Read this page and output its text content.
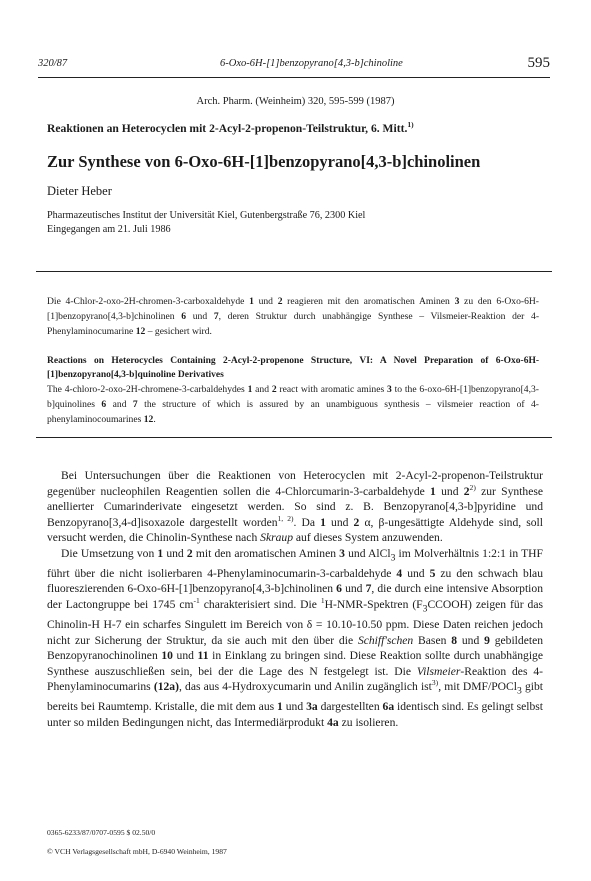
320/87	6-Oxo-6H-[1]benzopyrano[4,3-b]chinoline	595
Arch. Pharm. (Weinheim) 320, 595-599 (1987)
Reaktionen an Heterocyclen mit 2-Acyl-2-propenon-Teilstruktur, 6. Mitt.$^{1)}$
Zur Synthese von 6-Oxo-6H-[1]benzopyrano[4,3-b]chinolinen
Dieter Heber
Pharmazeutisches Institut der Universität Kiel, Gutenbergstraße 76, 2300 Kiel
Eingegangen am 21. Juli 1986
Die 4-Chlor-2-oxo-2H-chromen-3-carboxaldehyde 1 und 2 reagieren mit den aromatischen Aminen 3 zu den 6-Oxo-6H-[1]benzopyrano[4,3-b]chinolinen 6 und 7, deren Struktur durch unabhängige Synthese – Vilsmeier-Reaktion der 4-Phenylaminocumarine 12 – gesichert wird.
Reactions on Heterocycles Containing 2-Acyl-2-propenone Structure, VI: A Novel Preparation of 6-Oxo-6H-[1]benzopyrano[4,3-b]quinoline Derivatives
The 4-chloro-2-oxo-2H-chromene-3-carbaldehydes 1 and 2 react with aromatic amines 3 to the 6-oxo-6H-[1]benzopyrano[4,3-b]quinolines 6 and 7 the structure of which is assured by an unambiguous synthesis – vilsmeier reaction of 4-phenylaminocoumarines 12.

Bei Untersuchungen über die Reaktionen von Heterocyclen mit 2-Acyl-2-propenon-Teilstruktur gegenüber nucleophilen Reagentien sollen die 4-Chlorcumarin-3-carbaldehyde 1 und 2$^{2)}$ zur Synthese anellierter Cumarinderivate eingesetzt werden. So sind z. B. Benzopyrano[4,3-b]pyridine und Benzopyrano[3,4-d]isoxazole dargestellt worden$^{1, 2)}$. Da 1 und 2 α, β-ungesättigte Aldehyde sind, soll versucht werden, die Chinolin-Synthese nach Skraup auf dieses System anzuwenden.

Die Umsetzung von 1 und 2 mit den aromatischen Aminen 3 und AlCl$_3$ im Molverhältnis 1:2:1 in THF führt über die nicht isolierbaren 4-Phenylaminocumarin-3-carbaldehyde 4 und 5 zu den schwach blau fluoreszierenden 6-Oxo-6H-[1]benzopyrano[4,3-b]chinolinen 6 und 7, die durch eine intensive Absorption der Lactongruppe bei 1745 $cm^{-1}$ charakterisiert sind. Die $^1$H-NMR-Spektren $(F_3CCOOH)$ zeigen für das Chinolin-H H-7 ein scharfes Singulett im Bereich von δ = 10.10-10.50 ppm. Diese Daten reichen jedoch nicht zur Sicherung der Struktur, da sie auch mit den über die Schiff'schen Basen 8 und 9 gebildeten Benzopyranochinolinen 10 und 11 in Einklang zu bringen sind. Diese Reaktion sollte durch unabhängige Synthese auszuschließen sein, bei der die Lage des N festgelegt ist. Die Vilsmeier-Reaktion des 4-Phenylaminocumarins (12a), das aus 4-Hydroxycumarin und Anilin zugänglich ist$^{3)}$, mit DMF/POCl$_3$ gibt bereits bei Raumtemp. Kristalle, die mit dem aus 1 und 3a dargestellten 6a identisch sind. Es gelingt selbst unter so milden Bedingungen nicht, das Intermediärprodukt 4a zu isolieren.

0365-6233/87/0707-0595 $ 02.50/0
© VCH Verlagsgesellschaft mbH, D-6940 Weinheim, 1987
